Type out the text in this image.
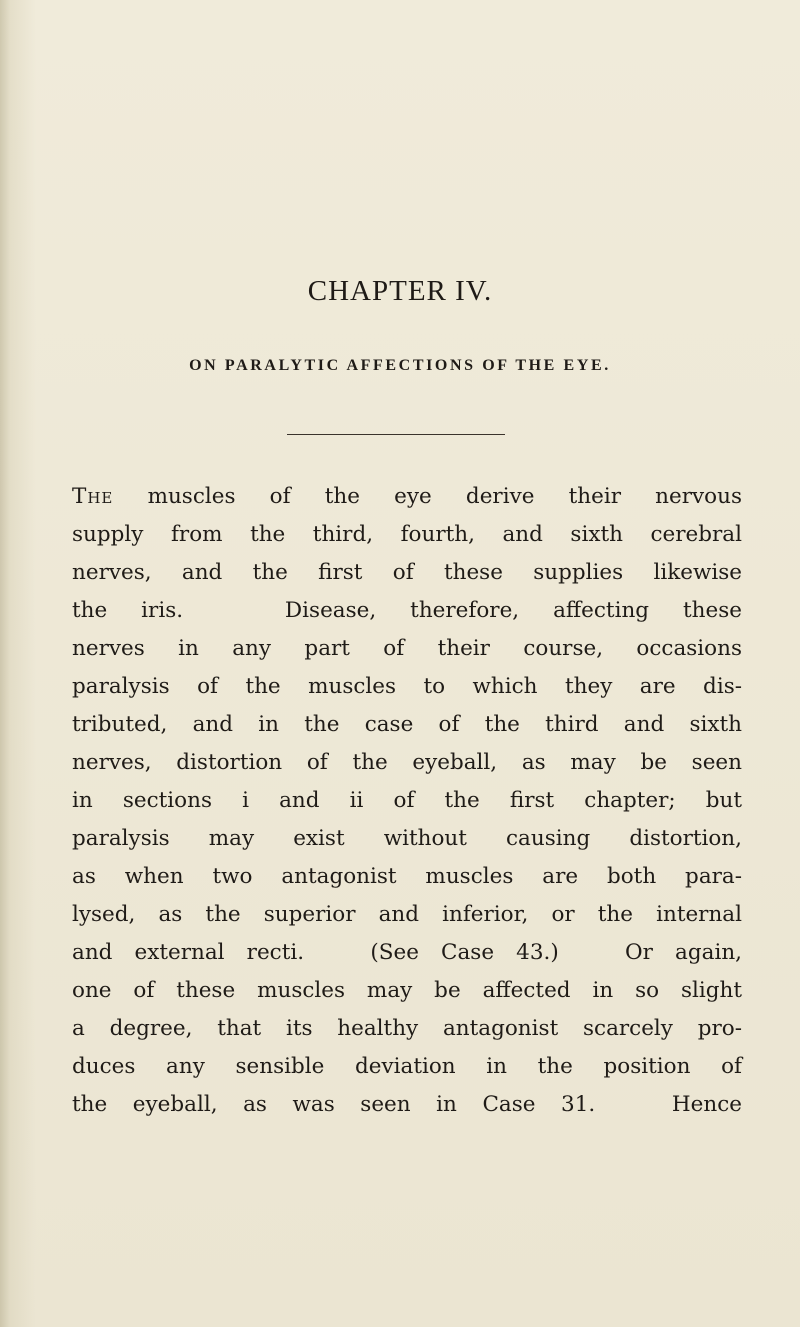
CHAPTER IV.
ON PARALYTIC AFFECTIONS OF THE EYE.

The muscles of the eye derive their nervous
supply from the third, fourth, and sixth cerebral
nerves, and the first of these supplies likewise
the iris.   Disease, therefore, affecting these
nerves in any part of their course, occasions
paralysis of the muscles to which they are dis-
tributed, and in the case of the third and sixth
nerves, distortion of the eyeball, as may be seen
in sections i and ii of the first chapter; but
paralysis may exist without causing distortion,
as when two antagonist muscles are both para-
lysed, as the superior and inferior, or the internal
and external recti.   (See Case 43.)   Or again,
one of these muscles may be affected in so slight
a degree, that its healthy antagonist scarcely pro-
duces any sensible deviation in the position of
the eyeball, as was seen in Case 31.   Hence
